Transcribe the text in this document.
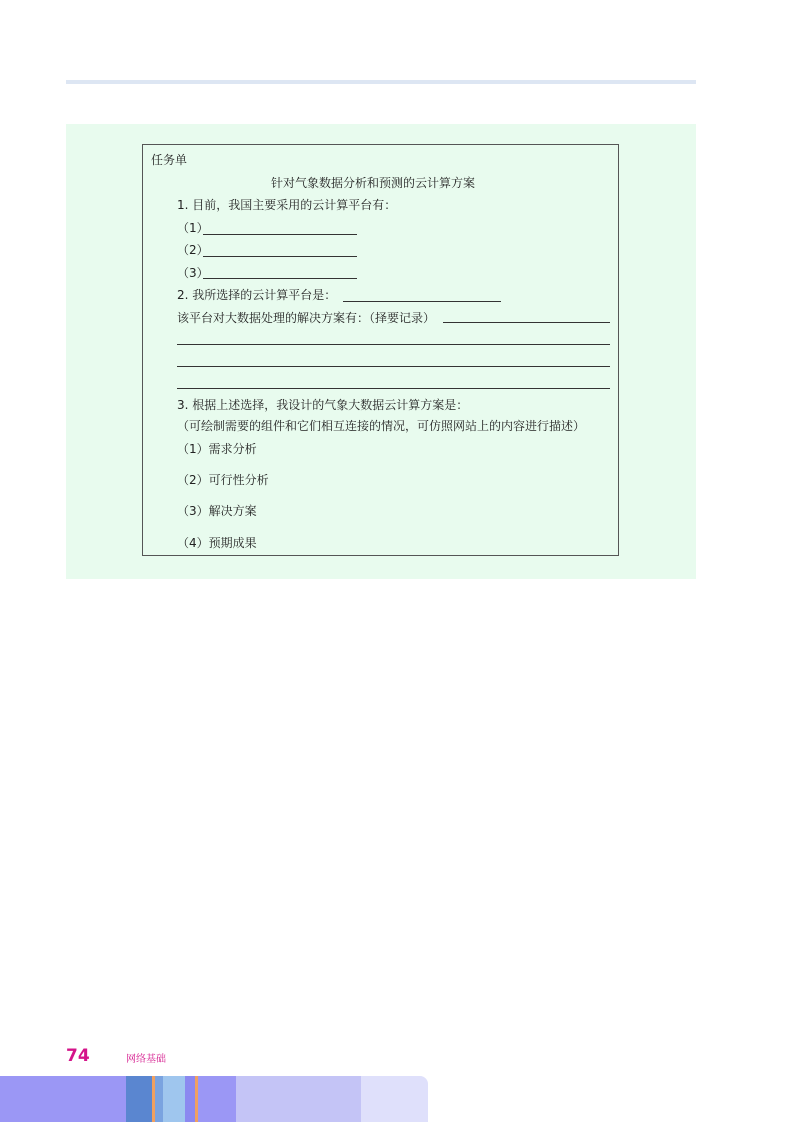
任务单
针对气象数据分析和预测的云计算方案
1. 目前，我国主要采用的云计算平台有：
（1）
（2）
（3）
2. 我所选择的云计算平台是：
该平台对大数据处理的解决方案有：（择要记录）
3. 根据上述选择，我设计的气象大数据云计算方案是：
（可绘制需要的组件和它们相互连接的情况，可仿照网站上的内容进行描述）
（1）需求分析
（2）可行性分析
（3）解决方案
（4）预期成果
74	网络基础
